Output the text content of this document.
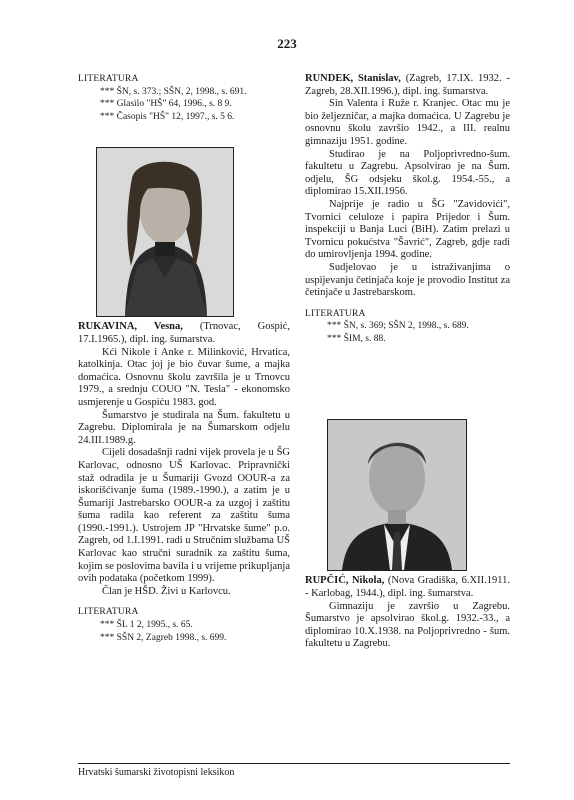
223

LITERATURA

*** ŠN, s. 373.; SŠN, 2, 1998., s. 691.

*** Glasilo "HŠ" 64, 1996., s. 8 9.

*** Časopis "HŠ" 12, 1997., s. 5 6.

RUKAVINA, Vesna, (Trnovac, Gospić, 17.I.1965.), dipl. ing. šumarstva.

Kći Nikole i Anke r. Milinković, Hrvatica, katolkinja. Otac joj je bio čuvar šume, a majka domaćica. Osnovnu školu završila je u Trnovcu 1979., a srednju COUO "N. Tesla" - ekonomsko usmjerenje u Gospiću 1983. god.

Šumarstvo je studirala na Šum. fakultetu u Zagrebu. Diplomirala je na Šumarskom odjelu 24.III.1989.g.

Cijeli dosadašnji radni vijek provela je u ŠG Karlovac, odnosno UŠ Karlovac. Pripravnički staž odradila je u Šumariji Gvozd OOUR-a za iskorišćivanje šuma (1989.-1990.), a zatim je u Šumariji Jastrebarsko OOUR-a za uzgoj i zaštitu šuma radila kao referent za zaštitu šuma (1990.-1991.). Ustrojem JP "Hrvatske šume" p.o. Zagreb, od 1.I.1991. radi u Stručnim službama UŠ Karlovac kao stručni suradnik za zaštitu šuma, kojim se poslovima bavila i u vrijeme prikupljanja ovih podataka (početkom 1999).

Član je HŠD. Živi u Karlovcu.

LITERATURA

*** ŠL 1 2, 1995., s. 65.

*** SŠN 2, Zagreb 1998., s. 699.

RUNDEK, Stanislav, (Zagreb, 17.IX. 1932. - Zagreb, 28.XII.1996.), dipl. ing. šumarstva.

Sin Valenta i Ruže r. Kranjec. Otac mu je bio željezničar, a majka domaćica. U Zagrebu je osnovnu školu završio 1942., a III. realnu gimnaziju 1951. godine.

Studirao je na Poljoprivredno-šum. fakultetu u Zagrebu. Apsolvirao je na Šum. odjelu, ŠG odsjeku škol.g. 1954.-55., a diplomirao 15.XII.1956.

Najprije je radio u ŠG "Zavidovići", Tvornici celuloze i papira Prijedor i Šum. inspekciji u Banja Luci (BiH). Zatim prelazi u Tvornicu pokućstva "Šavrić", Zagreb, gdje radi do umirovljenja 1994. godine.

Sudjelovao je u istraživanjima o uspijevanju četinjača koje je provodio Institut za četinjače u Jastrebarskom.

LITERATURA

*** ŠN, s. 369; SŠN 2, 1998., s. 689.

*** ŠIM, s. 88.

RUPČIĆ, Nikola, (Nova Gradiška, 6.XII.1911. - Karlobag, 1944.), dipl. ing. šumarstva.

Gimnaziju je završio u Zagrebu. Šumarstvo je apsolvirao škol.g. 1932.-33., a diplomirao 10.X.1938. na Poljoprivredno - šum. fakultetu u Zagrebu.

Hrvatski šumarski životopisni leksikon
